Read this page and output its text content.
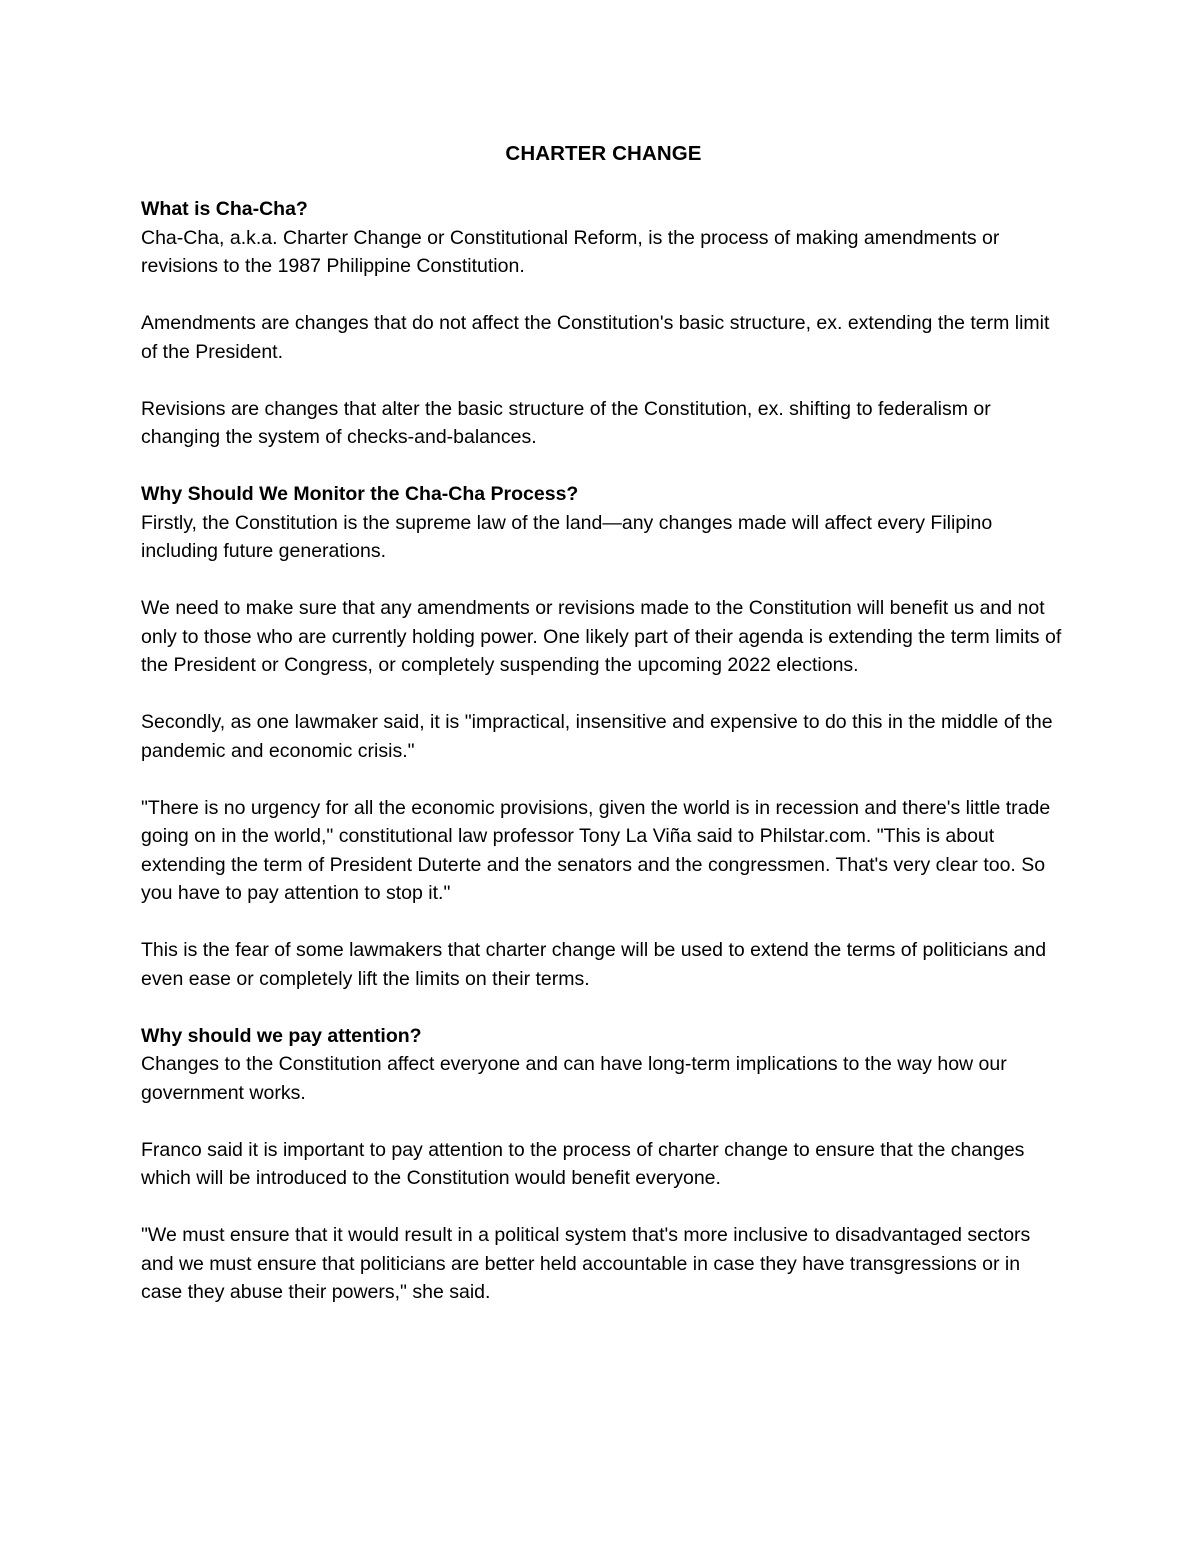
CHARTER CHANGE
What is Cha-Cha?

Cha-Cha, a.k.a. Charter Change or Constitutional Reform, is the process of making amendments or revisions to the 1987 Philippine Constitution.

Amendments are changes that do not affect the Constitution's basic structure, ex. extending the term limit of the President.

Revisions are changes that alter the basic structure of the Constitution, ex. shifting to federalism or changing the system of checks-and-balances.

Why Should We Monitor the Cha-Cha Process?

Firstly, the Constitution is the supreme law of the land—any changes made will affect every Filipino including future generations.

We need to make sure that any amendments or revisions made to the Constitution will benefit us and not only to those who are currently holding power. One likely part of their agenda is extending the term limits of the President or Congress, or completely suspending the upcoming 2022 elections.

Secondly, as one lawmaker said, it is "impractical, insensitive and expensive to do this in the middle of the pandemic and economic crisis."

"There is no urgency for all the economic provisions, given the world is in recession and there's little trade going on in the world," constitutional law professor Tony La Viña said to Philstar.com. "This is about extending the term of President Duterte and the senators and the congressmen. That's very clear too. So you have to pay attention to stop it."

This is the fear of some lawmakers that charter change will be used to extend the terms of politicians and even ease or completely lift the limits on their terms.

Why should we pay attention?

Changes to the Constitution affect everyone and can have long-term implications to the way how our government works.

Franco said it is important to pay attention to the process of charter change to ensure that the changes which will be introduced to the Constitution would benefit everyone.

"We must ensure that it would result in a political system that's more inclusive to disadvantaged sectors and we must ensure that politicians are better held accountable in case they have transgressions or in case they abuse their powers," she said.
